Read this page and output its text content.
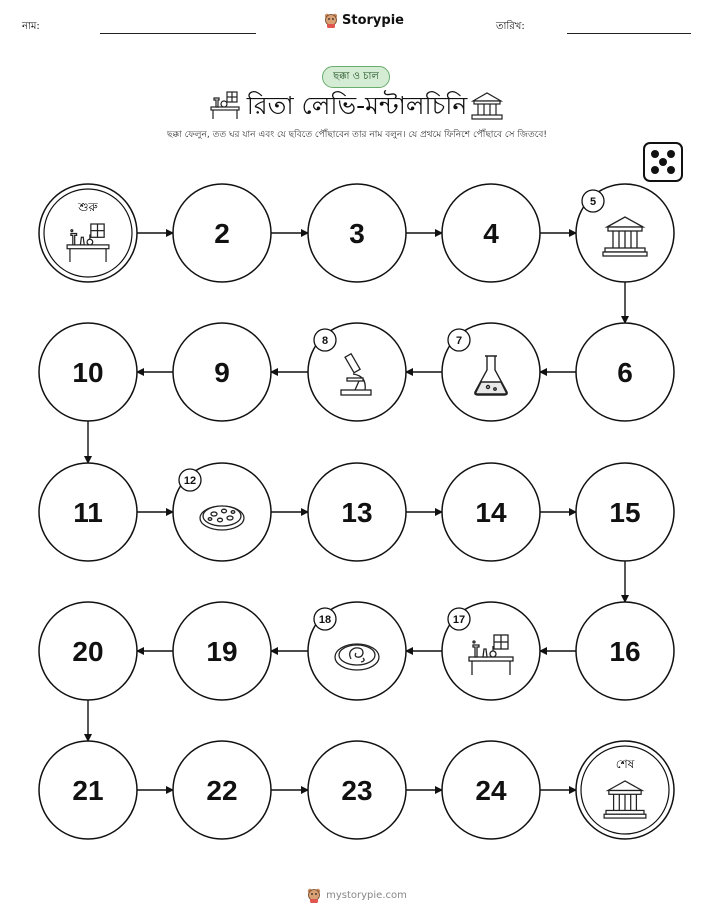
নাম:	Storypie	তারিখ:
ছক্কা ও চাল
রিতা লেভি-মন্টালচিনি
ছক্কা ফেলুন, তত ঘর যান এবং যে ছবিতে পৌঁছাবেন তার নাম বলুন। যে প্রথমে ফিনিশে পৌঁছাবে সে জিতবে!
শুরু
2	3	4
5
6
7
8
9
10
11
12
13	14	15
16
17
18
19
20
21	22	23	24
শেষ
mystorypie.com
